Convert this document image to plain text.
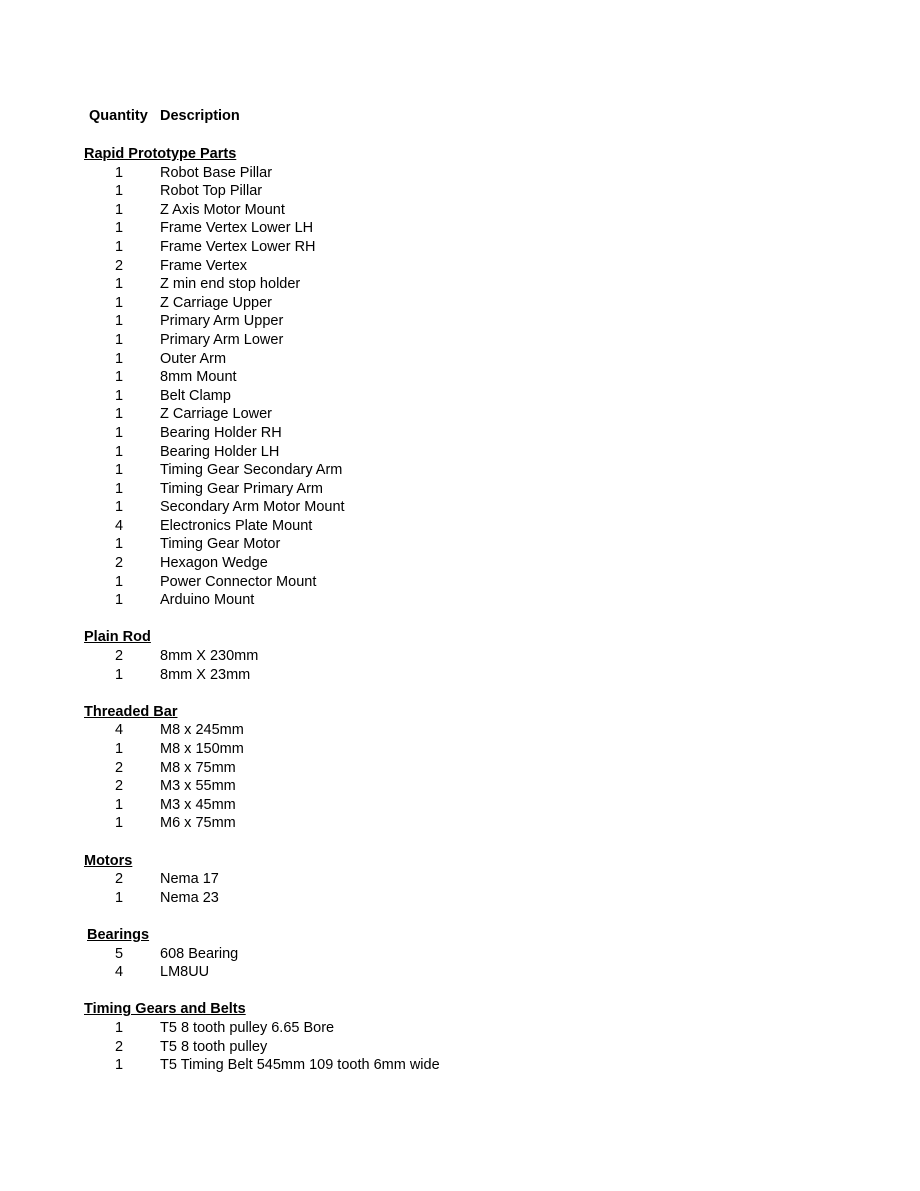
Quantity Description
Rapid Prototype Parts
1	Robot Base Pillar
1	Robot Top Pillar
1	Z Axis Motor Mount
1	Frame Vertex Lower LH
1	Frame Vertex Lower RH
2	Frame Vertex
1	Z min end stop holder
1	Z Carriage Upper
1	Primary Arm Upper
1	Primary Arm Lower
1	Outer Arm
1	8mm Mount
1	Belt Clamp
1	Z Carriage Lower
1	Bearing Holder RH
1	Bearing Holder LH
1	Timing Gear Secondary Arm
1	Timing Gear Primary Arm
1	Secondary Arm Motor Mount
4	Electronics Plate Mount
1	Timing Gear Motor
2	Hexagon Wedge
1	Power Connector Mount
1	Arduino Mount
Plain Rod
2	8mm X 230mm
1	8mm X 23mm
Threaded Bar
4	M8 x 245mm
1	M8 x 150mm
2	M8 x 75mm
2	M3 x 55mm
1	M3 x 45mm
1	M6 x 75mm
Motors
2	Nema 17
1	Nema 23
Bearings
5	608 Bearing
4	LM8UU
Timing Gears and Belts
1	T5 8 tooth pulley 6.65 Bore
2	T5 8 tooth pulley
1	T5 Timing Belt 545mm 109 tooth 6mm wide
